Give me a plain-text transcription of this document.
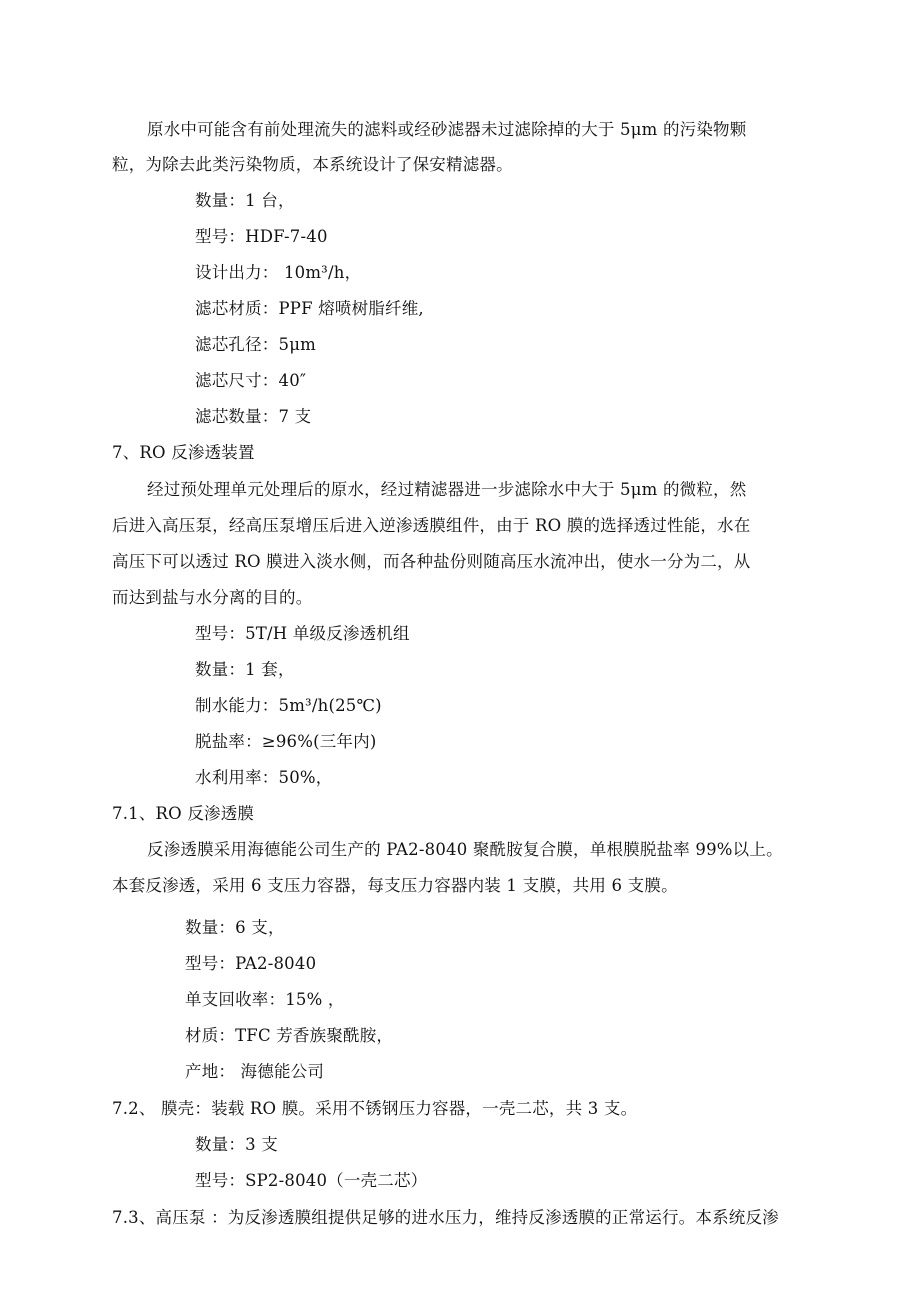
原水中可能含有前处理流失的滤料或经砂滤器未过滤除掉的大于 5μm 的污染物颗
粒，为除去此类污染物质，本系统设计了保安精滤器。
数量：1 台，
型号：HDF-7-40
设计出力： 10m³/h，
滤芯材质：PPF 熔喷树脂纤维,
滤芯孔径：5μm
滤芯尺寸：40″
滤芯数量：7 支
7、RO 反渗透装置
经过预处理单元处理后的原水，经过精滤器进一步滤除水中大于 5μm 的微粒，然
后进入高压泵，经高压泵增压后进入逆渗透膜组件，由于 RO 膜的选择透过性能，水在
高压下可以透过 RO 膜进入淡水侧，而各种盐份则随高压水流冲出，使水一分为二，从
而达到盐与水分离的目的。
型号：5T/H 单级反渗透机组
数量：1 套，
制水能力：5m³/h(25℃)
脱盐率：≥96%(三年内)
水利用率：50%，
7.1、RO 反渗透膜
反渗透膜采用海德能公司生产的 PA2-8040 聚酰胺复合膜，单根膜脱盐率 99%以上。
本套反渗透，采用 6 支压力容器，每支压力容器内装 1 支膜，共用 6 支膜。
数量：6 支，
型号：PA2-8040
单支回收率：15% ，
材质：TFC 芳香族聚酰胺，
产地： 海德能公司
7.2、 膜壳：装载 RO 膜。采用不锈钢压力容器，一壳二芯，共 3 支。
数量：3 支
型号：SP2-8040（一壳二芯）
7.3、高压泵 ：为反渗透膜组提供足够的进水压力，维持反渗透膜的正常运行。本系统反渗
